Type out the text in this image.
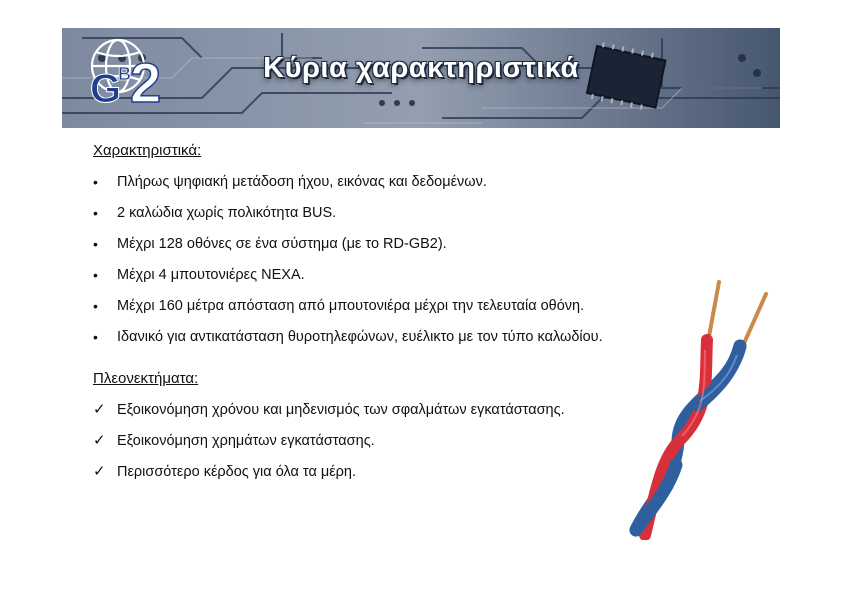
Κύρια χαρακτηριστικά
G
B 2
Χαρακτηριστικά:
•	Πλήρως ψηφιακή μετάδοση ήχου, εικόνας και δεδομένων.
•	2 καλώδια χωρίς πολικότητα BUS.
•	Μέχρι 128 οθόνες σε ένα σύστημα (με το RD-GB2).
•	Μέχρι 4 μπουτονιέρες NEXA.
•	Μέχρι 160 μέτρα απόσταση από μπουτονιέρα μέχρι την τελευταία οθόνη.
•	Ιδανικό για αντικατάσταση θυροτηλεφώνων, ευέλικτο με τον τύπο καλωδίου.
Πλεονεκτήματα:
✓ Εξοικονόμηση χρόνου και μηδενισμός των σφαλμάτων εγκατάστασης.
✓ Εξοικονόμηση χρημάτων εγκατάστασης.
✓ Περισσότερο κέρδος για όλα τα μέρη.
